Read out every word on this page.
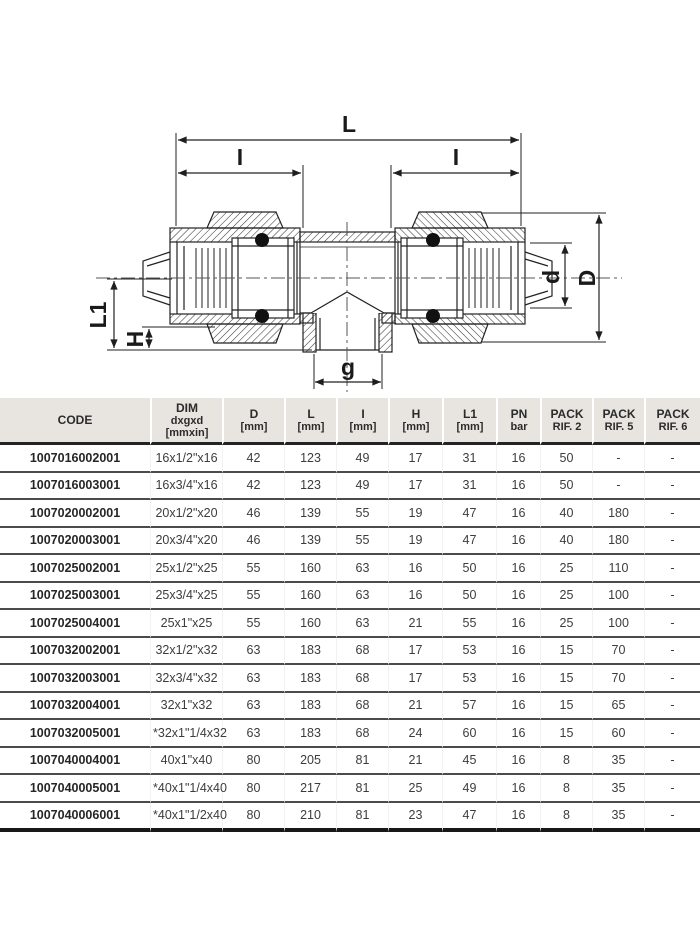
L
I	I
L1
H
d D
g
CODE

DIM
dxgxd [mmxin]

D
[mm]

L
[mm]

I
[mm]

H
[mm]

L1
[mm]

PN
bar

PACK
RIF. 2

PACK
RIF. 5

PACK
RIF. 6

1007016002001	16x1/2"x16	42	123	49	17	31	16	50	-	-
1007016003001	16x3/4"x16	42	123	49	17	31	16	50	-	-
1007020002001	20x1/2"x20	46	139	55	19	47	16	40	180	-
1007020003001	20x3/4"x20	46	139	55	19	47	16	40	180	-
1007025002001	25x1/2"x25	55	160	63	16	50	16	25	110	-
1007025003001	25x3/4"x25	55	160	63	16	50	16	25	100	-
1007025004001	25x1"x25	55	160	63	21	55	16	25	100	-
1007032002001	32x1/2"x32	63	183	68	17	53	16	15	70	-
1007032003001	32x3/4"x32	63	183	68	17	53	16	15	70	-
1007032004001	32x1"x32	63	183	68	21	57	16	15	65	-
1007032005001	*32x1"1/4x32	63	183	68	24	60	16	15	60	-
1007040004001	40x1"x40	80	205	81	21	45	16	8	35	-
1007040005001	*40x1"1/4x40	80	217	81	25	49	16	8	35	-
1007040006001	*40x1"1/2x40	80	210	81	23	47	16	8	35	-
